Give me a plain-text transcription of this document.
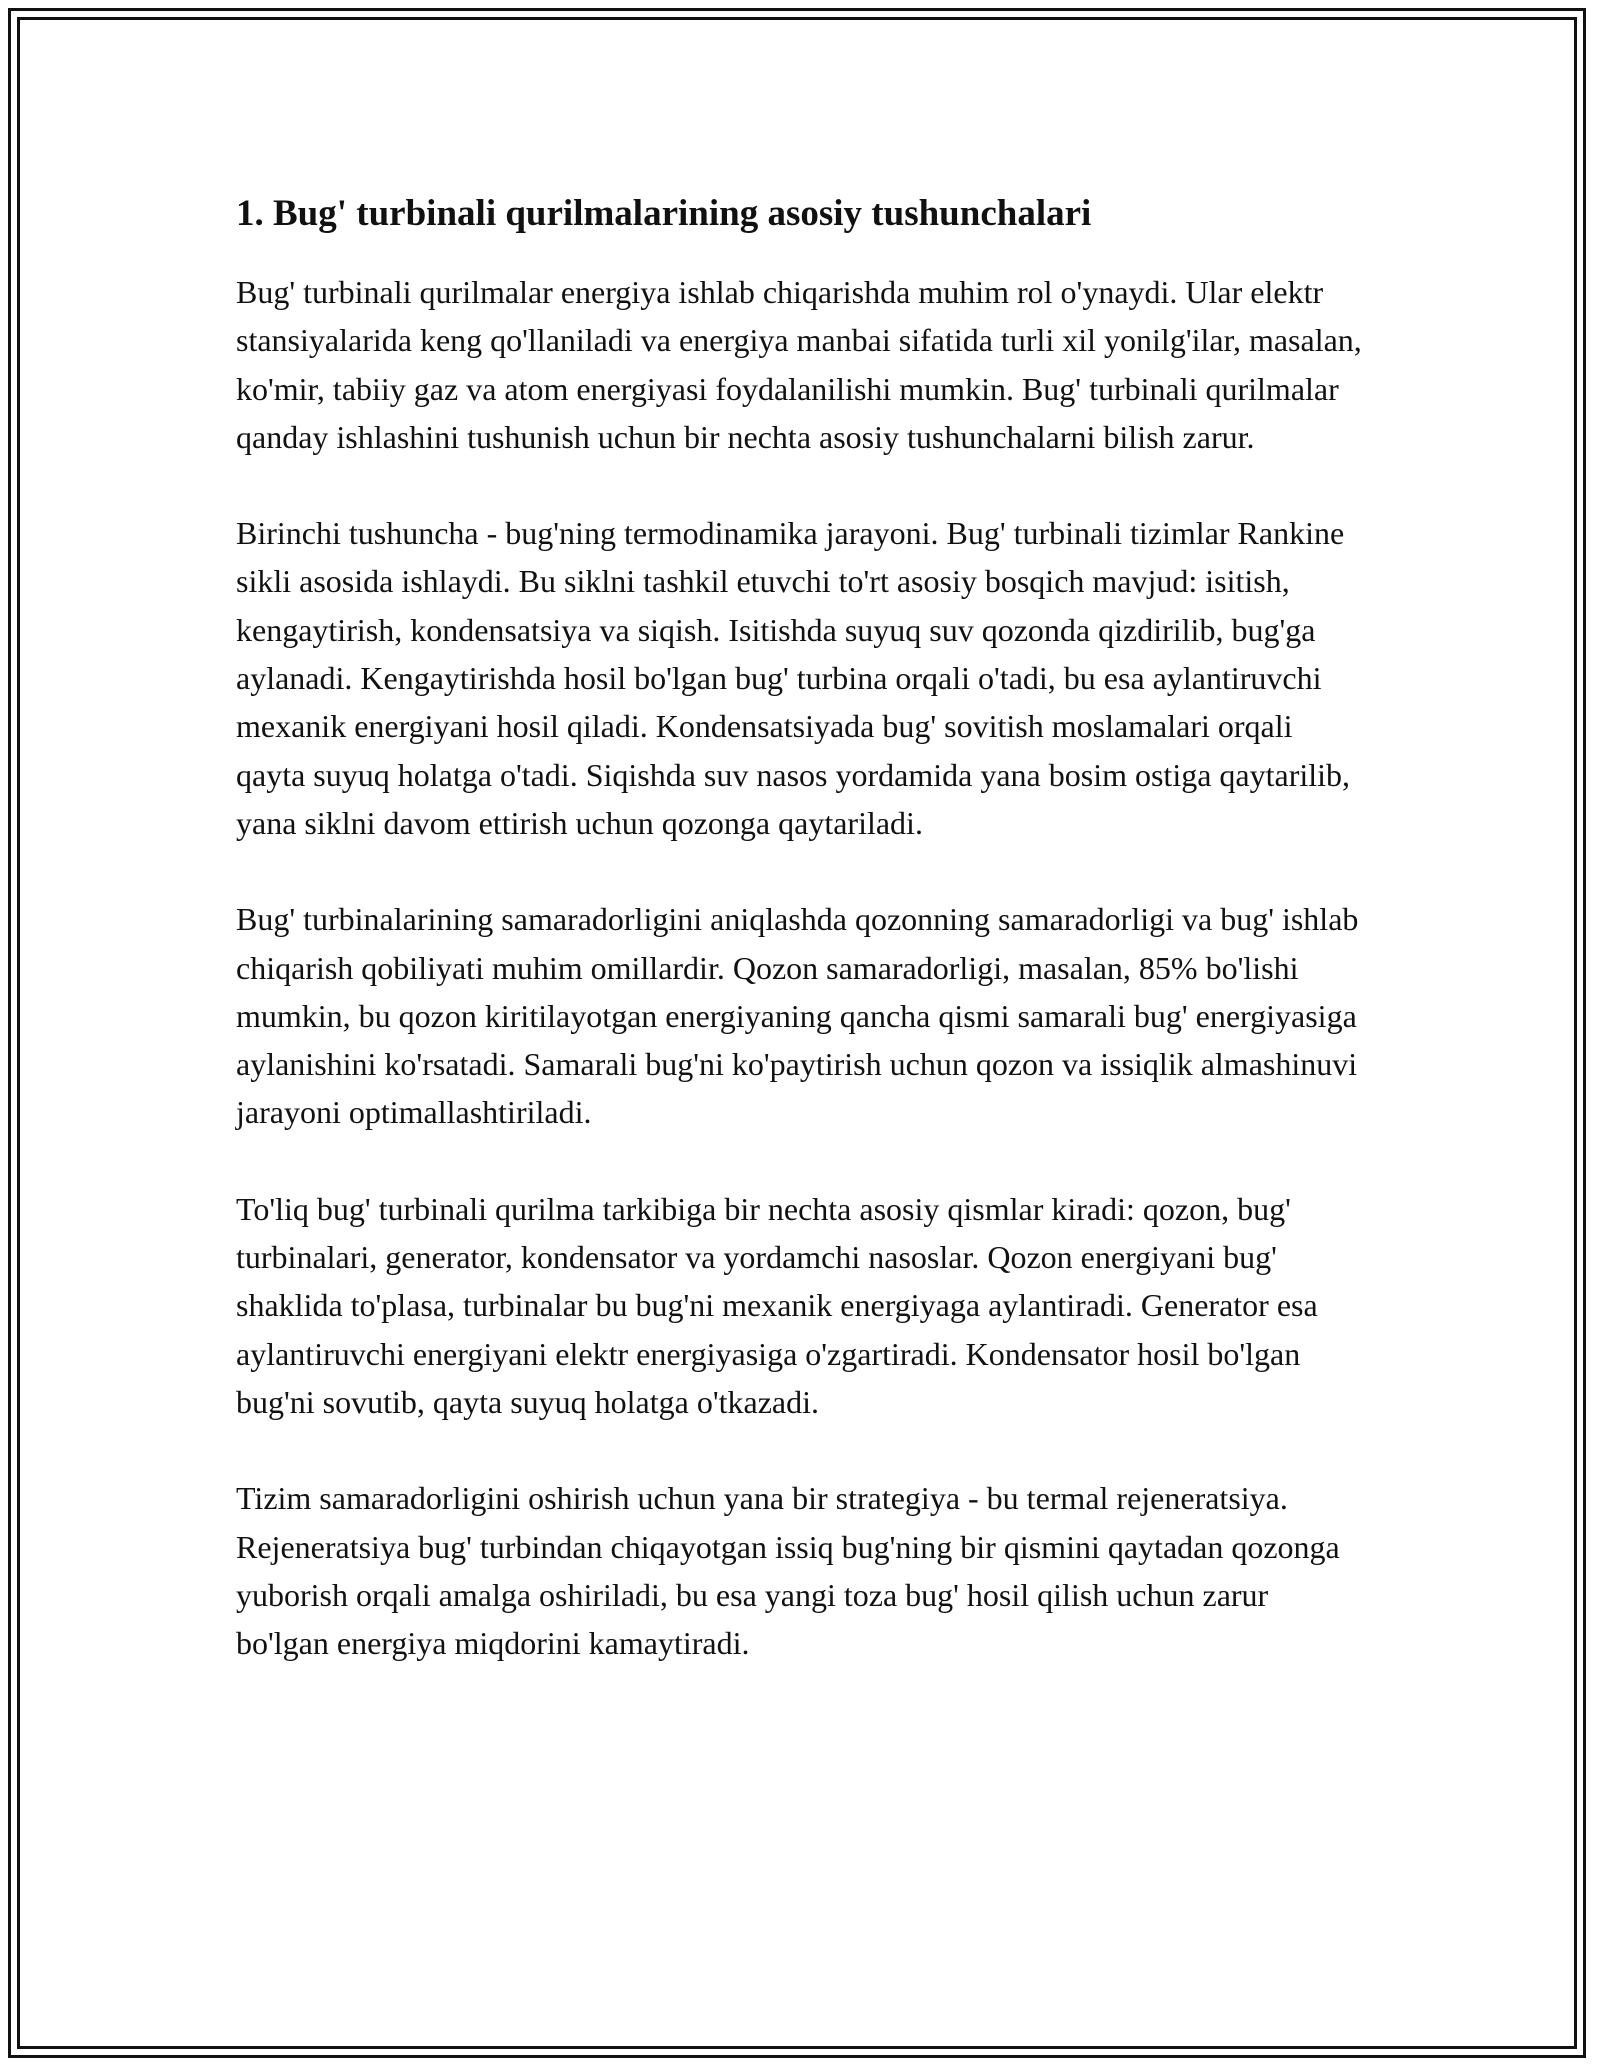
1. Bug' turbinali qurilmalarining asosiy tushunchalari

Bug' turbinali qurilmalar energiya ishlab chiqarishda muhim rol o'ynaydi. Ular elektr stansiyalarida keng qo'llaniladi va energiya manbai sifatida turli xil yonilg'ilar, masalan, ko'mir, tabiiy gaz va atom energiyasi foydalanilishi mumkin. Bug' turbinali qurilmalar qanday ishlashini tushunish uchun bir nechta asosiy tushunchalarni bilish zarur.

Birinchi tushuncha - bug'ning termodinamika jarayoni. Bug' turbinali tizimlar Rankine sikli asosida ishlaydi. Bu siklni tashkil etuvchi to'rt asosiy bosqich mavjud: isitish, kengaytirish, kondensatsiya va siqish. Isitishda suyuq suv qozonda qizdirilib, bug'ga aylanadi. Kengaytirishda hosil bo'lgan bug' turbina orqali o'tadi, bu esa aylantiruvchi mexanik energiyani hosil qiladi. Kondensatsiyada bug' sovitish moslamalari orqali qayta suyuq holatga o'tadi. Siqishda suv nasos yordamida yana bosim ostiga qaytarilib, yana siklni davom ettirish uchun qozonga qaytariladi.

Bug' turbinalarining samaradorligini aniqlashda qozonning samaradorligi va bug' ishlab chiqarish qobiliyati muhim omillardir. Qozon samaradorligi, masalan, 85% bo'lishi mumkin, bu qozon kiritilayotgan energiyaning qancha qismi samarali bug' energiyasiga aylanishini ko'rsatadi. Samarali bug'ni ko'paytirish uchun qozon va issiqlik almashinuvi jarayoni optimallashtiriladi.

To'liq bug' turbinali qurilma tarkibiga bir nechta asosiy qismlar kiradi: qozon, bug' turbinalari, generator, kondensator va yordamchi nasoslar. Qozon energiyani bug' shaklida to'plasa, turbinalar bu bug'ni mexanik energiyaga aylantiradi. Generator esa aylantiruvchi energiyani elektr energiyasiga o'zgartiradi. Kondensator hosil bo'lgan bug'ni sovutib, qayta suyuq holatga o'tkazadi.

Tizim samaradorligini oshirish uchun yana bir strategiya - bu termal rejeneratsiya. Rejeneratsiya bug' turbindan chiqayotgan issiq bug'ning bir qismini qaytadan qozonga yuborish orqali amalga oshiriladi, bu esa yangi toza bug' hosil qilish uchun zarur bo'lgan energiya miqdorini kamaytiradi.
